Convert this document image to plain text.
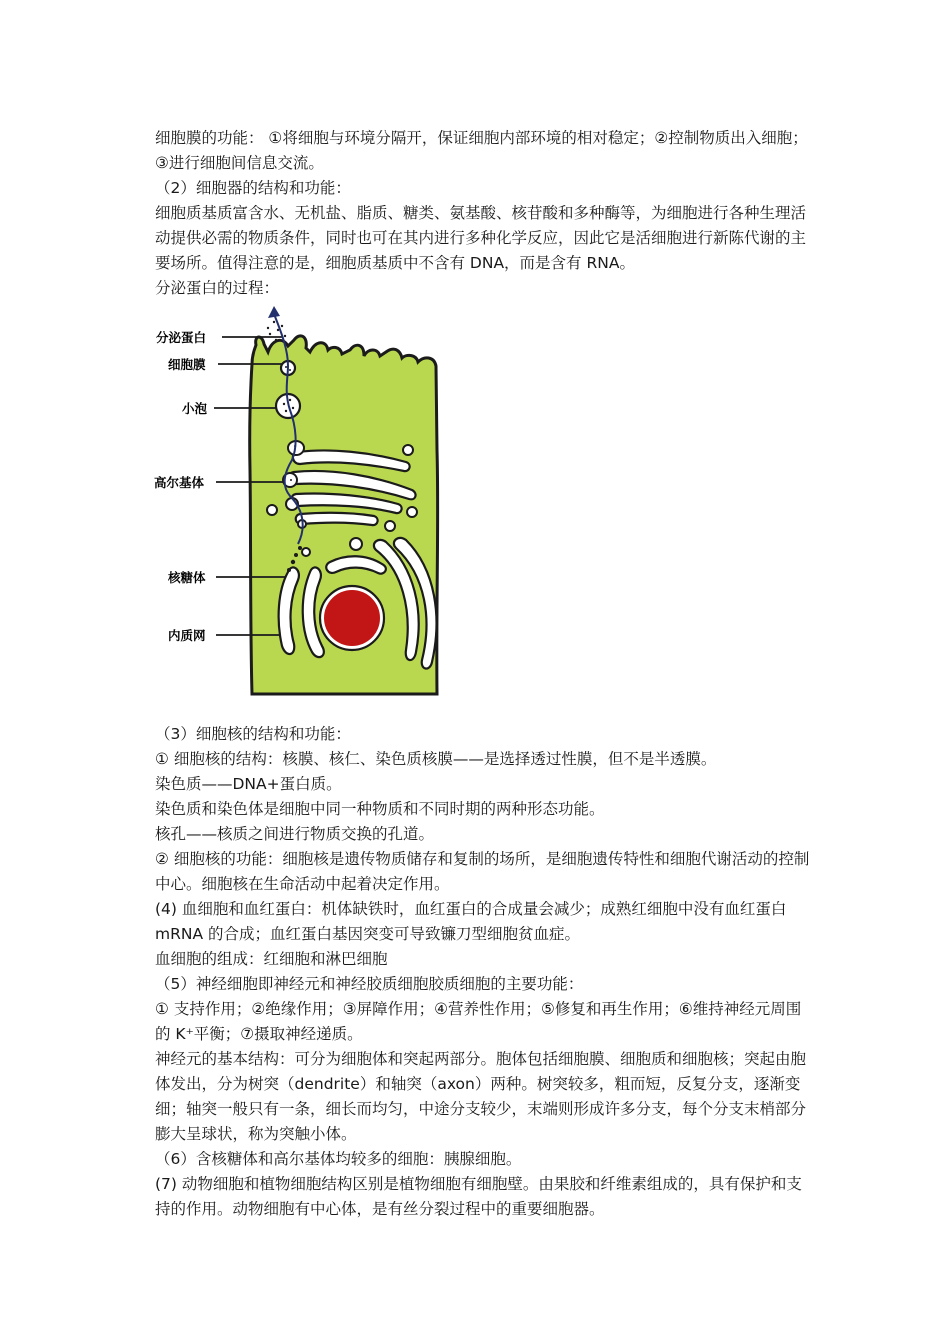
细胞膜的功能： ①将细胞与环境分隔开，保证细胞内部环境的相对稳定；②控制物质出入细胞；③进行细胞间信息交流。

（2）细胞器的结构和功能：

细胞质基质富含水、无机盐、脂质、糖类、氨基酸、核苷酸和多种酶等，为细胞进行各种生理活动提供必需的物质条件，同时也可在其内进行多种化学反应，因此它是活细胞进行新陈代谢的主要场所。值得注意的是，细胞质基质中不含有 DNA，而是含有 RNA。

分泌蛋白的过程：

分泌蛋白
细胞膜
小泡
高尔基体
核糖体
内质网

（3）细胞核的结构和功能：

① 细胞核的结构：核膜、核仁、染色质核膜——是选择透过性膜，但不是半透膜。

染色质——DNA+蛋白质。

染色质和染色体是细胞中同一种物质和不同时期的两种形态功能。

核孔——核质之间进行物质交换的孔道。

② 细胞核的功能：细胞核是遗传物质储存和复制的场所，是细胞遗传特性和细胞代谢活动的控制中心。细胞核在生命活动中起着决定作用。

(4) 血细胞和血红蛋白：机体缺铁时，血红蛋白的合成量会减少；成熟红细胞中没有血红蛋白 mRNA 的合成；血红蛋白基因突变可导致镰刀型细胞贫血症。

血细胞的组成：红细胞和淋巴细胞

（5）神经细胞即神经元和神经胶质细胞胶质细胞的主要功能：

① 支持作用；②绝缘作用；③屏障作用；④营养性作用；⑤修复和再生作用；⑥维持神经元周围的 K⁺平衡；⑦摄取神经递质。

神经元的基本结构：可分为细胞体和突起两部分。胞体包括细胞膜、细胞质和细胞核；突起由胞体发出，分为树突（dendrite）和轴突（axon）两种。树突较多，粗而短，反复分支，逐渐变细；轴突一般只有一条，细长而均匀，中途分支较少，末端则形成许多分支，每个分支末梢部分膨大呈球状，称为突触小体。

（6）含核糖体和高尔基体均较多的细胞：胰腺细胞。

(7) 动物细胞和植物细胞结构区别是植物细胞有细胞壁。由果胶和纤维素组成的，具有保护和支持的作用。动物细胞有中心体，是有丝分裂过程中的重要细胞器。
